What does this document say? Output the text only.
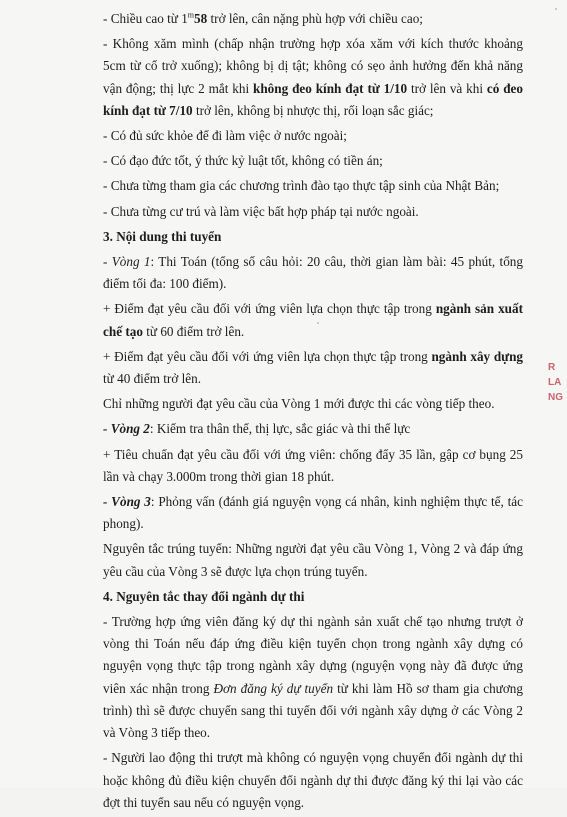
- Chiều cao từ 1$^m$58 trở lên, cân nặng phù hợp với chiều cao;

- Không xăm mình (chấp nhận trường hợp xóa xăm với kích thước khoảng 5cm từ cổ trở xuống); không bị dị tật; không có sẹo ảnh hưởng đến khả năng vận động; thị lực 2 mắt khi không đeo kính đạt từ 1/10 trở lên và khi có đeo kính đạt từ 7/10 trở lên, không bị nhược thị, rối loạn sắc giác;

- Có đủ sức khỏe để đi làm việc ở nước ngoài;

- Có đạo đức tốt, ý thức kỷ luật tốt, không có tiền án;

- Chưa từng tham gia các chương trình đào tạo thực tập sinh của Nhật Bản;

- Chưa từng cư trú và làm việc bất hợp pháp tại nước ngoài.

3. Nội dung thi tuyển

- Vòng 1: Thi Toán (tổng số câu hỏi: 20 câu, thời gian làm bài: 45 phút, tổng điểm tối đa: 100 điểm).

+ Điểm đạt yêu cầu đối với ứng viên lựa chọn thực tập trong ngành sản xuất chế tạo từ 60 điểm trở lên.

+ Điểm đạt yêu cầu đối với ứng viên lựa chọn thực tập trong ngành xây dựng từ 40 điểm trở lên.

Chỉ những người đạt yêu cầu của Vòng 1 mới được thi các vòng tiếp theo.

- Vòng 2: Kiểm tra thân thể, thị lực, sắc giác và thi thể lực

+ Tiêu chuẩn đạt yêu cầu đối với ứng viên: chống đẩy 35 lần, gập cơ bụng 25 lần và chạy 3.000m trong thời gian 18 phút.

- Vòng 3: Phỏng vấn (đánh giá nguyện vọng cá nhân, kinh nghiệm thực tế, tác phong).

Nguyên tắc trúng tuyển: Những người đạt yêu cầu Vòng 1, Vòng 2 và đáp ứng yêu cầu của Vòng 3 sẽ được lựa chọn trúng tuyển.

4. Nguyên tắc thay đổi ngành dự thi

- Trường hợp ứng viên đăng ký dự thi ngành sản xuất chế tạo nhưng trượt ở vòng thi Toán nếu đáp ứng điều kiện tuyển chọn trong ngành xây dựng có nguyện vọng thực tập trong ngành xây dựng (nguyện vọng này đã được ứng viên xác nhận trong Đơn đăng ký dự tuyển từ khi làm Hồ sơ tham gia chương trình) thì sẽ được chuyển sang thi tuyển đối với ngành xây dựng ở các Vòng 2 và Vòng 3 tiếp theo.

- Người lao động thi trượt mà không có nguyện vọng chuyển đổi ngành dự thi hoặc không đủ điều kiện chuyển đổi ngành dự thi được đăng ký thi lại vào các đợt thi tuyển sau nếu có nguyện vọng.

R
LA
NG
